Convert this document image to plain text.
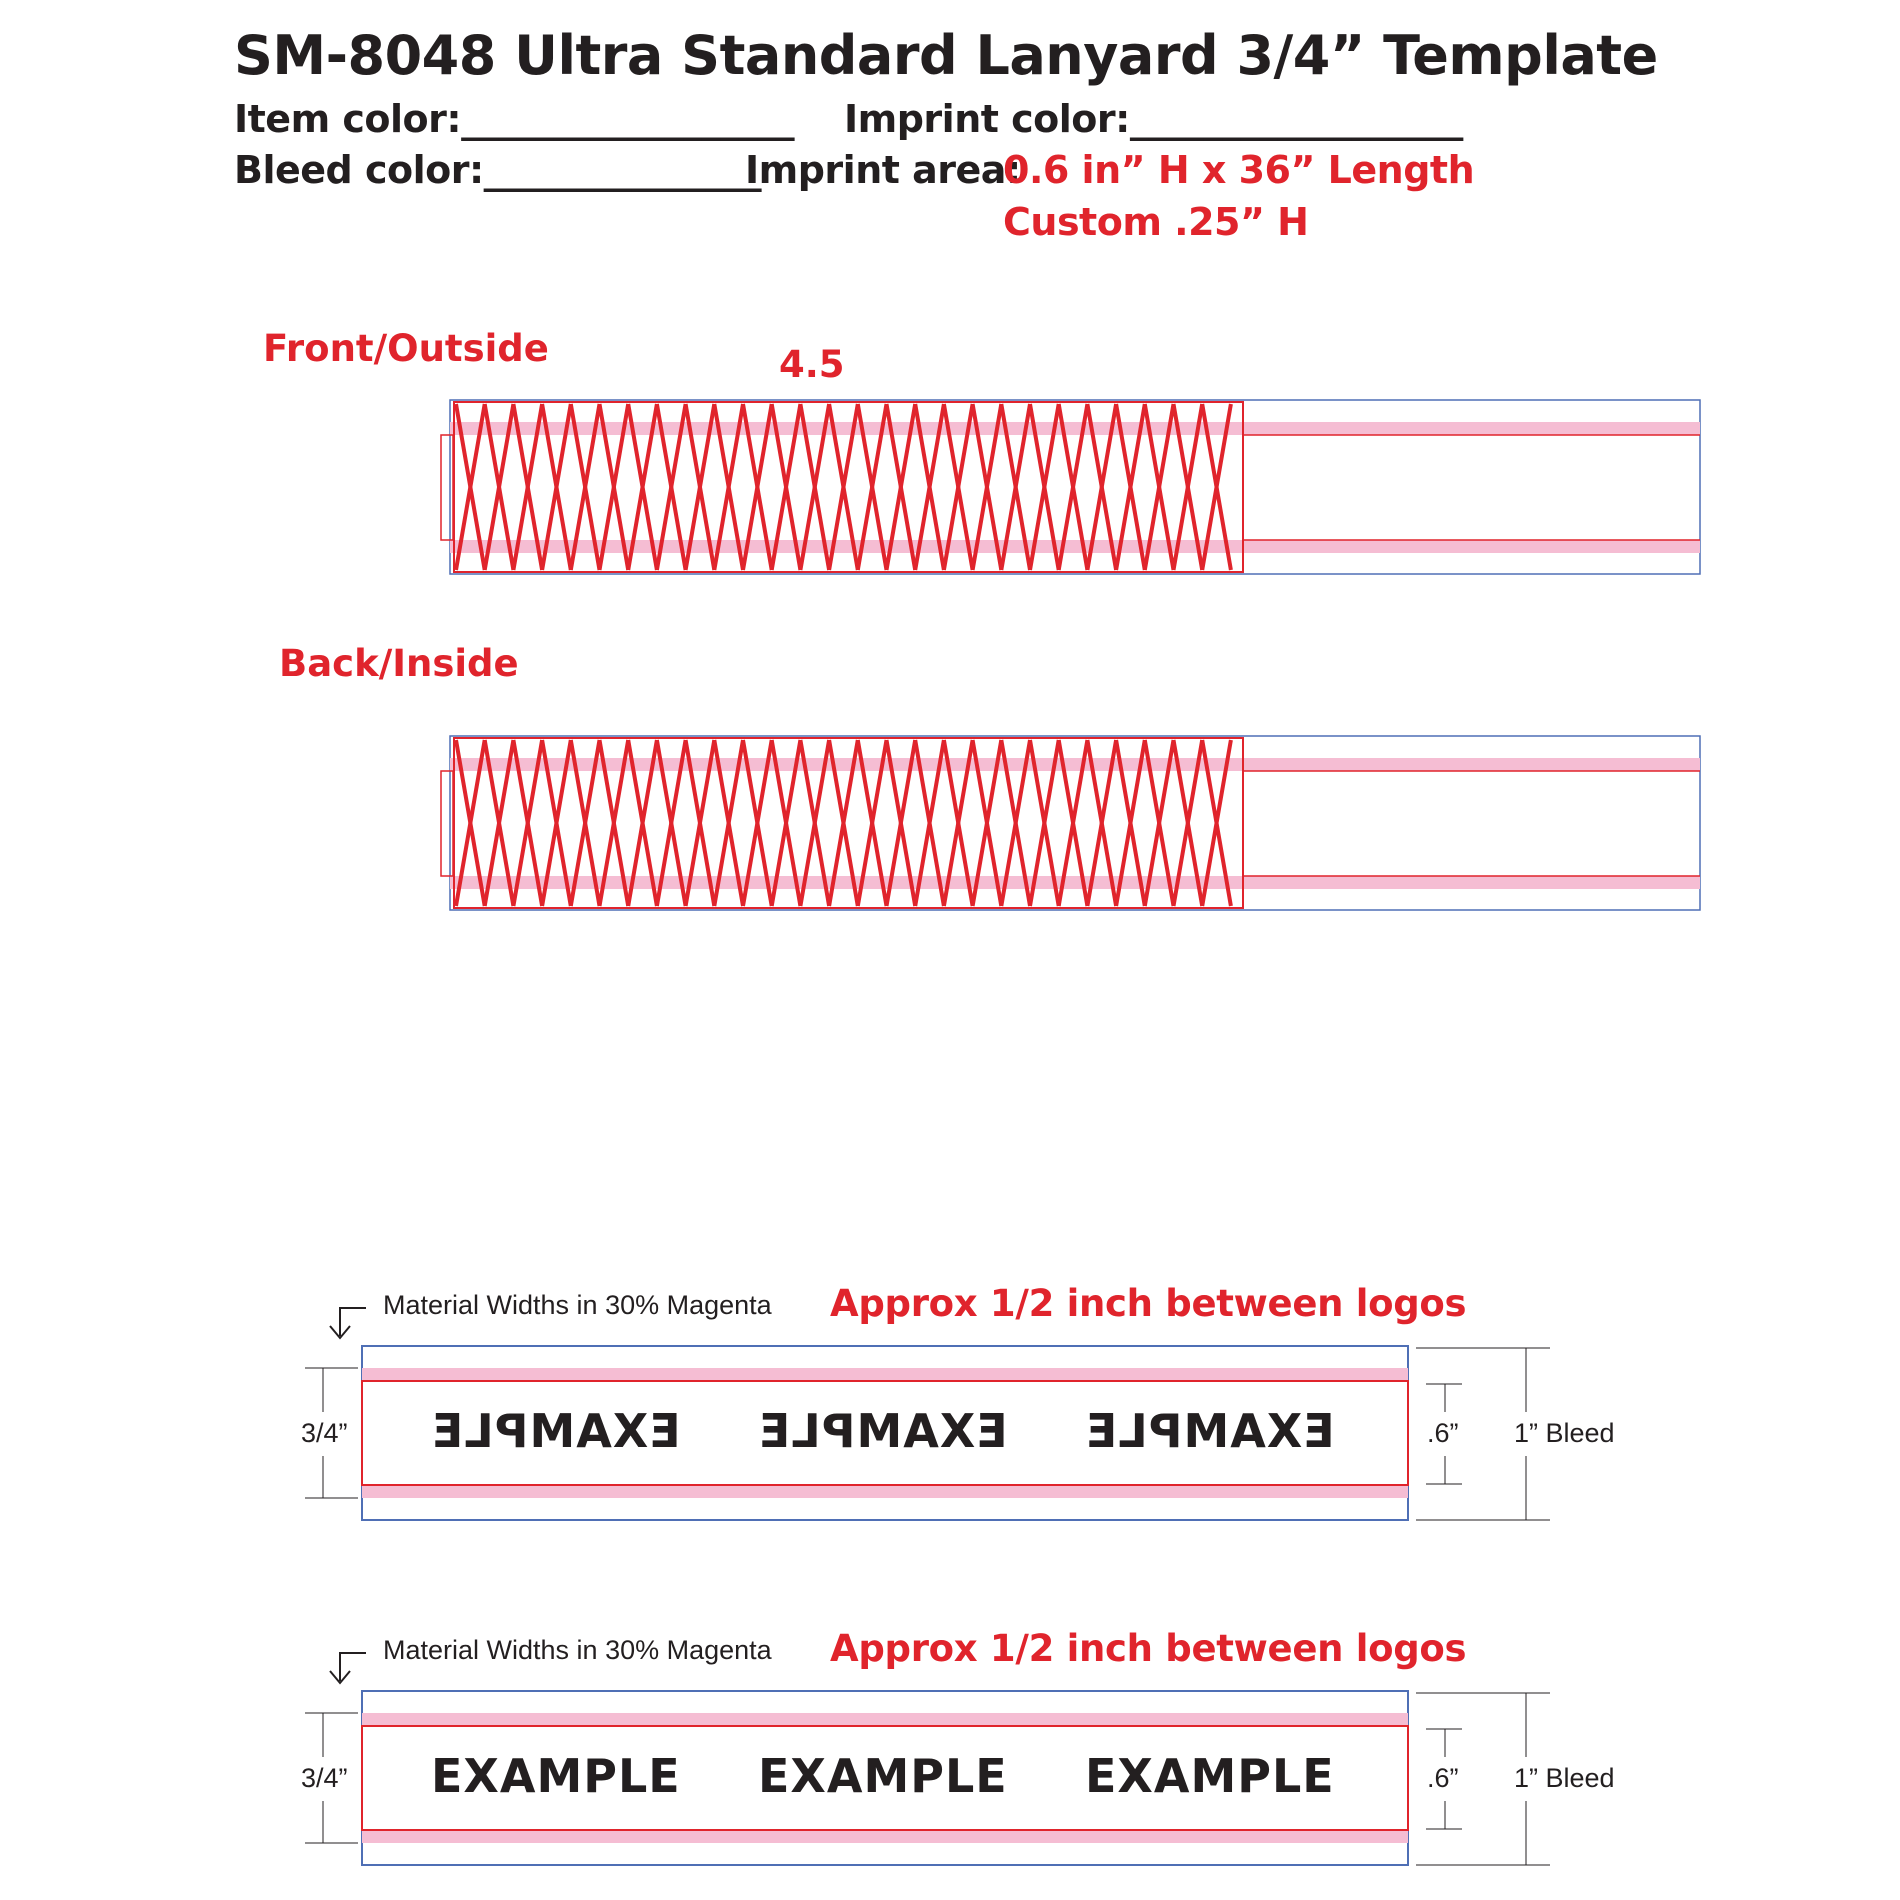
SM-8048 Ultra Standard Lanyard 3/4” Template
Item color:__________________ Imprint color:__________________
Bleed color:_______________
Imprint area:
0.6 in” H x 36” Length
Custom .25” H
Front/Outside	4.5
Back/Inside
Material Widths in 30% Magenta Approx 1/2 inch between logos
3/4”	.6” 1” Bleed
EXAMPLE EXAMPLE EXAMPLE
Material Widths in 30% Magenta Approx 1/2 inch between logos
3/4”	.6” 1” Bleed
EXAMPLE EXAMPLE EXAMPLE
